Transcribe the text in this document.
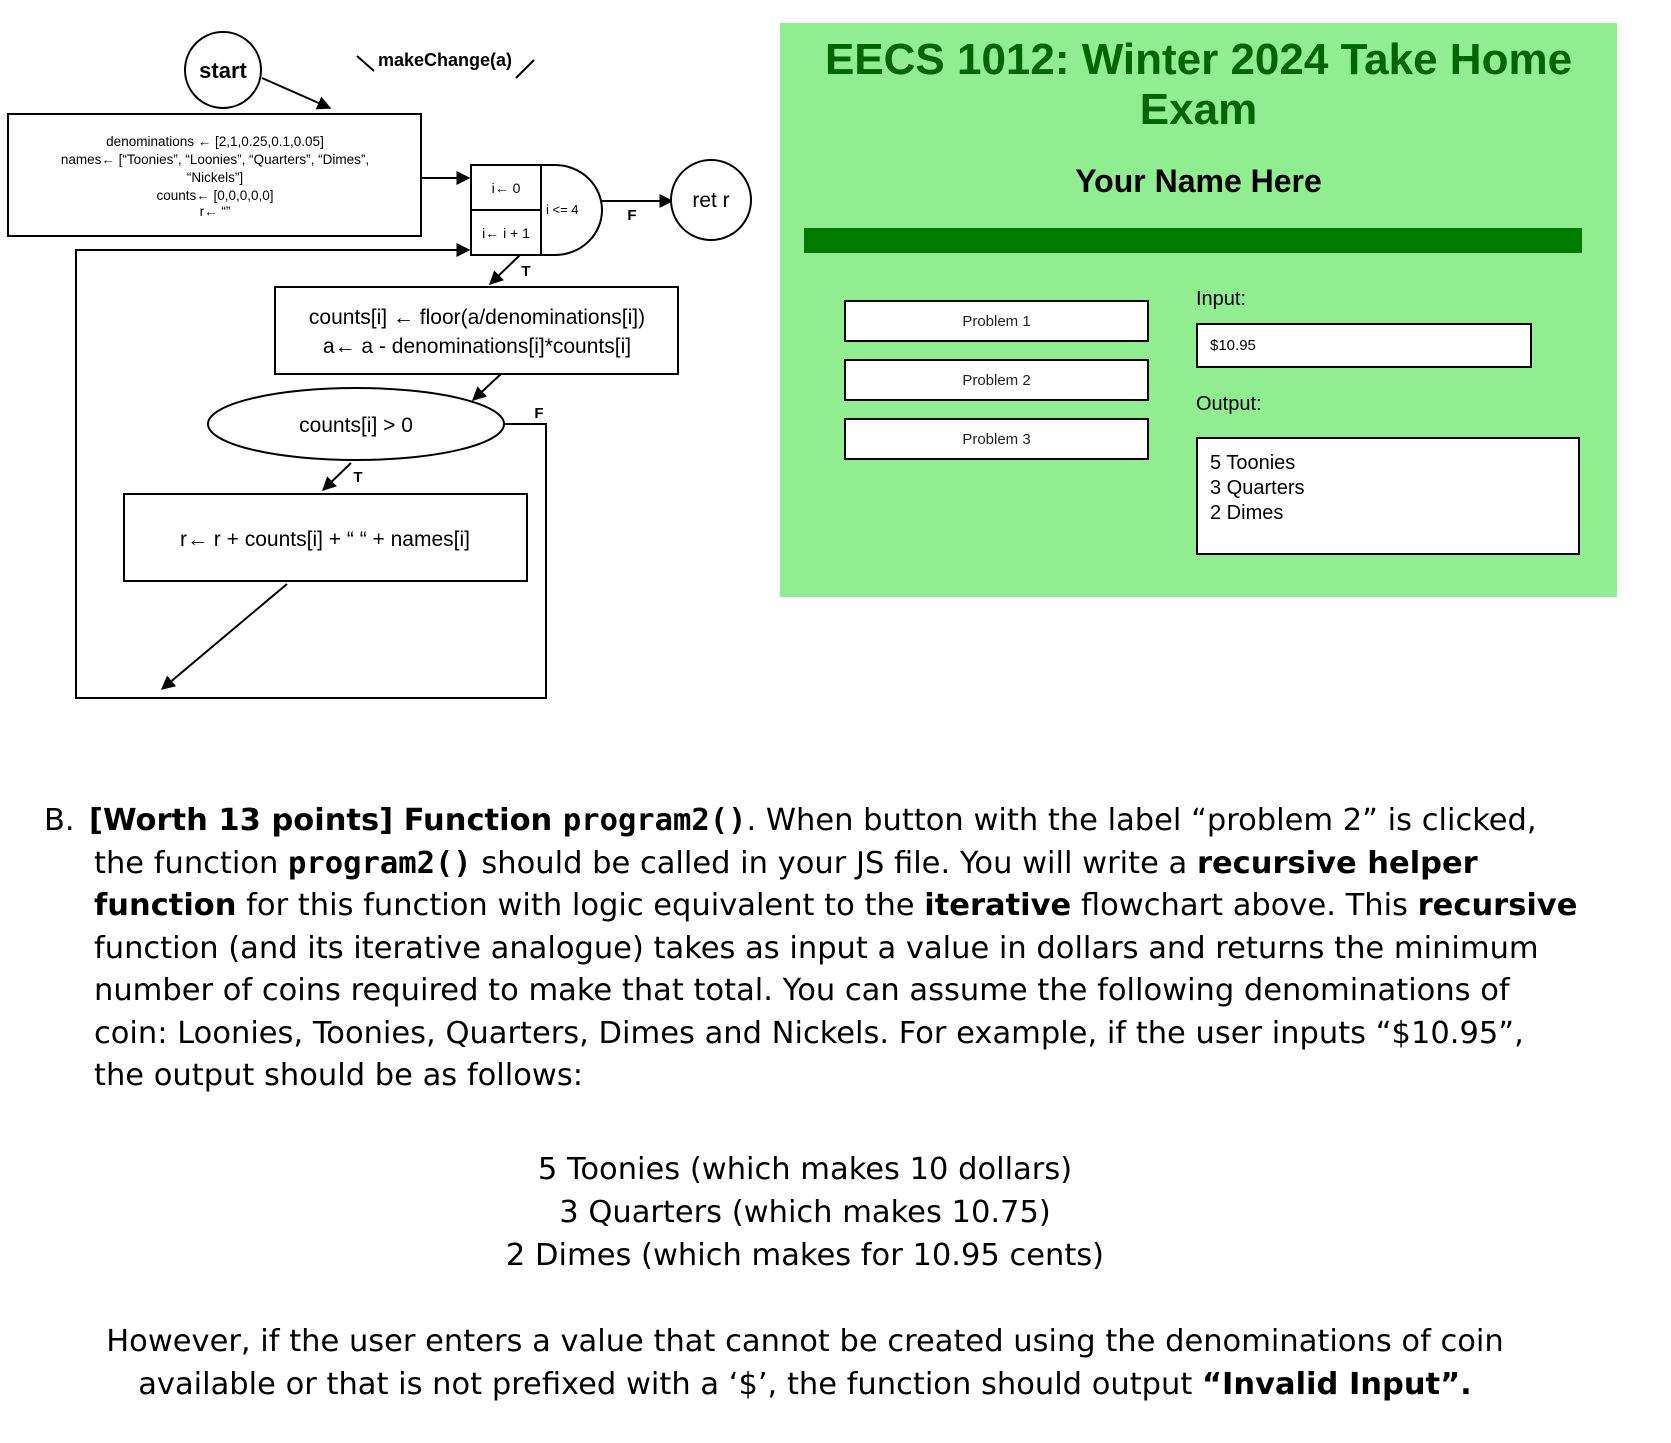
start	makeChange(a)
denominations ← [2,1,0.25,0.1,0.05]
names← [“Toonies”, “Loonies”, “Quarters”, “Dimes”,
“Nickels”]
counts← [0,0,0,0,0]
r← “”
i← 0
i← i + 1
i <= 4	F
ret r
T
counts[i] ← floor(a/denominations[i])
a← a - denominations[i]*counts[i]
counts[i] > 0
F
T
r← r + counts[i] + “ “ + names[i]
EECS 1012: Winter 2024 Take Home
Exam
Your Name Here
Problem 1
Problem 2
Problem 3
Input:
$10.95
Output:
5 Toonies
3 Quarters
2 Dimes
B. [Worth 13 points] Function program2(). When button with the label “problem 2” is clicked,
the function program2() should be called in your JS file. You will write a recursive helper
function for this function with logic equivalent to the iterative flowchart above. This recursive
function (and its iterative analogue) takes as input a value in dollars and returns the minimum
number of coins required to make that total. You can assume the following denominations of
coin: Loonies, Toonies, Quarters, Dimes and Nickels. For example, if the user inputs “$10.95”,
the output should be as follows:
5 Toonies (which makes 10 dollars)
3 Quarters (which makes 10.75)
2 Dimes (which makes for 10.95 cents)
However, if the user enters a value that cannot be created using the denominations of coin
available or that is not prefixed with a ‘$’, the function should output “Invalid Input”.
